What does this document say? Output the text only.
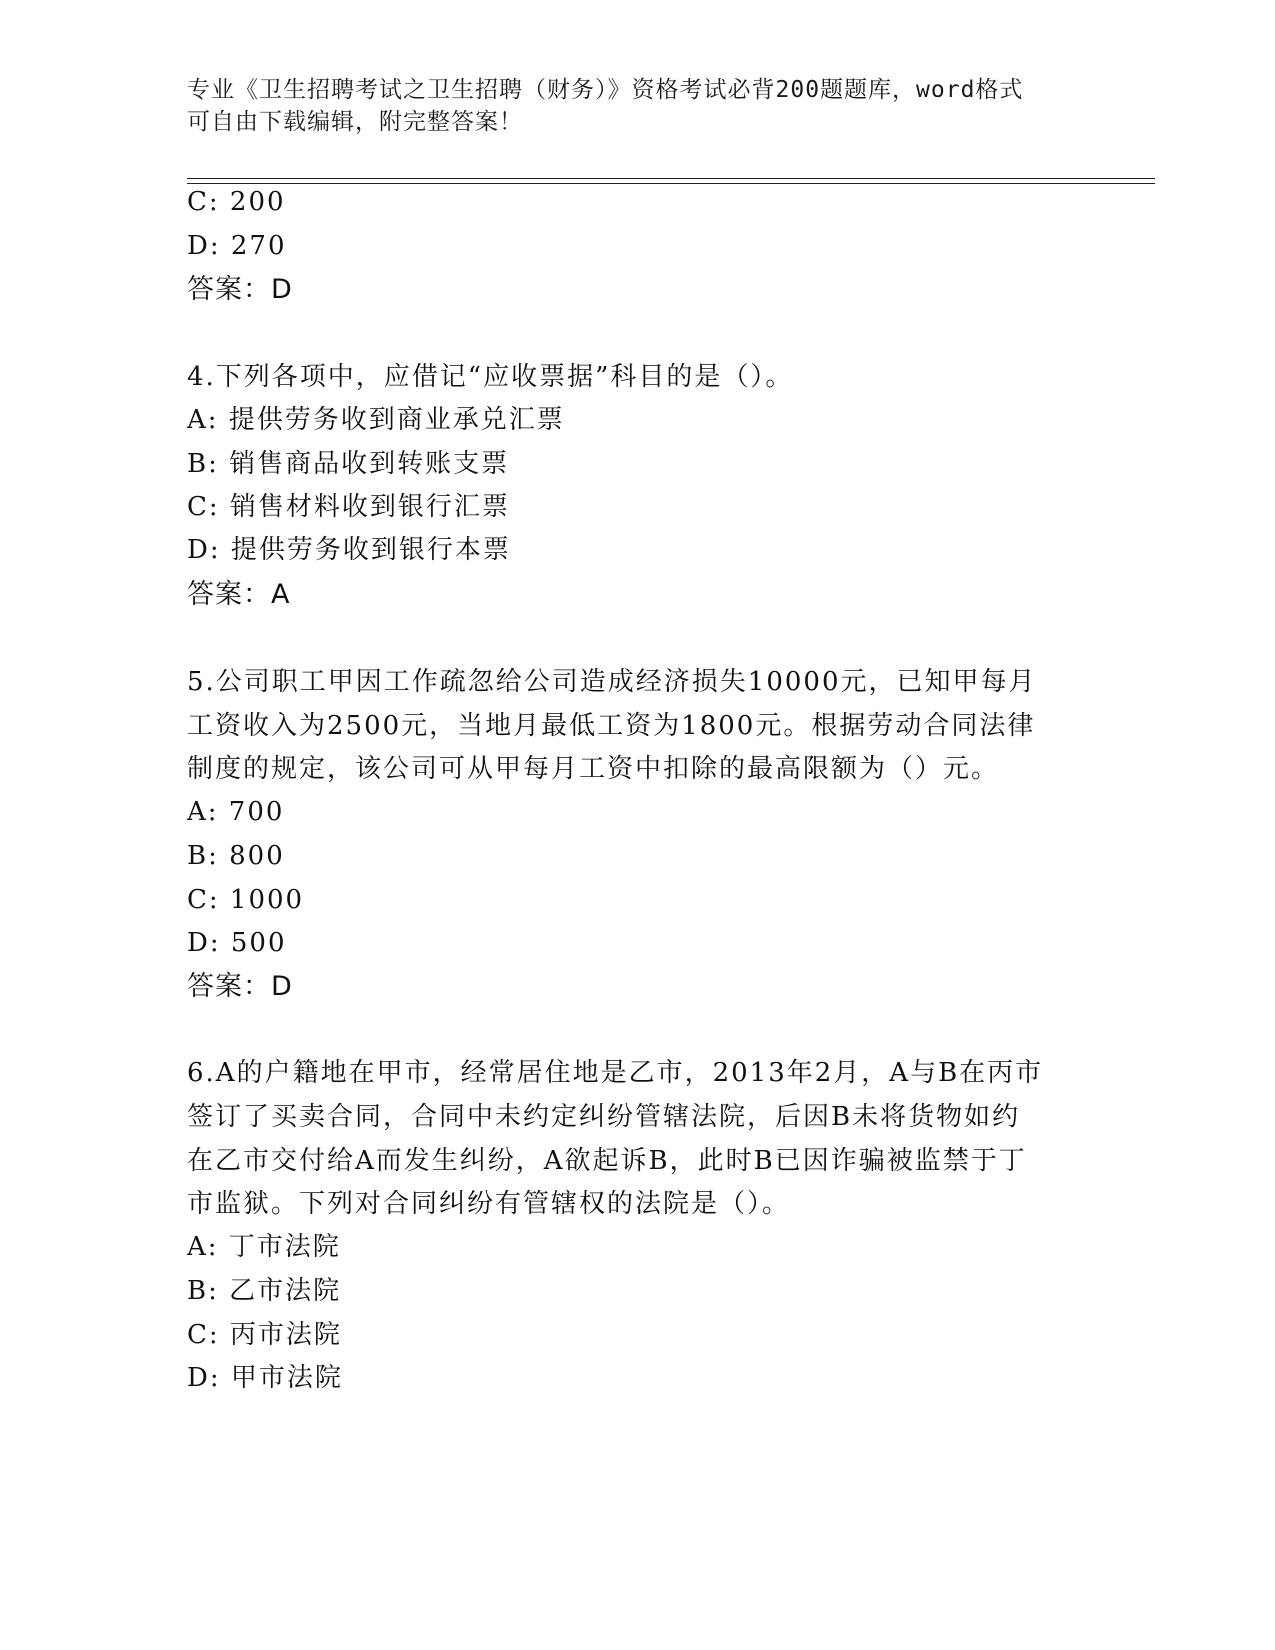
专业《卫生招聘考试之卫生招聘（财务）》资格考试必背200题题库，word格式
可自由下载编辑，附完整答案！
C: 200
D: 270
答案：D
4.下列各项中，应借记“应收票据”科目的是（）。
A: 提供劳务收到商业承兑汇票
B: 销售商品收到转账支票
C: 销售材料收到银行汇票
D: 提供劳务收到银行本票
答案：A
5.公司职工甲因工作疏忽给公司造成经济损失10000元，已知甲每月
工资收入为2500元，当地月最低工资为1800元。根据劳动合同法律
制度的规定，该公司可从甲每月工资中扣除的最高限额为（）元。
A: 700
B: 800
C: 1000
D: 500
答案：D
6.A的户籍地在甲市，经常居住地是乙市，2013年2月，A与B在丙市
签订了买卖合同，合同中未约定纠纷管辖法院，后因B未将货物如约
在乙市交付给A而发生纠纷，A欲起诉B，此时B已因诈骗被监禁于丁
市监狱。下列对合同纠纷有管辖权的法院是（）。
A: 丁市法院
B: 乙市法院
C: 丙市法院
D: 甲市法院
